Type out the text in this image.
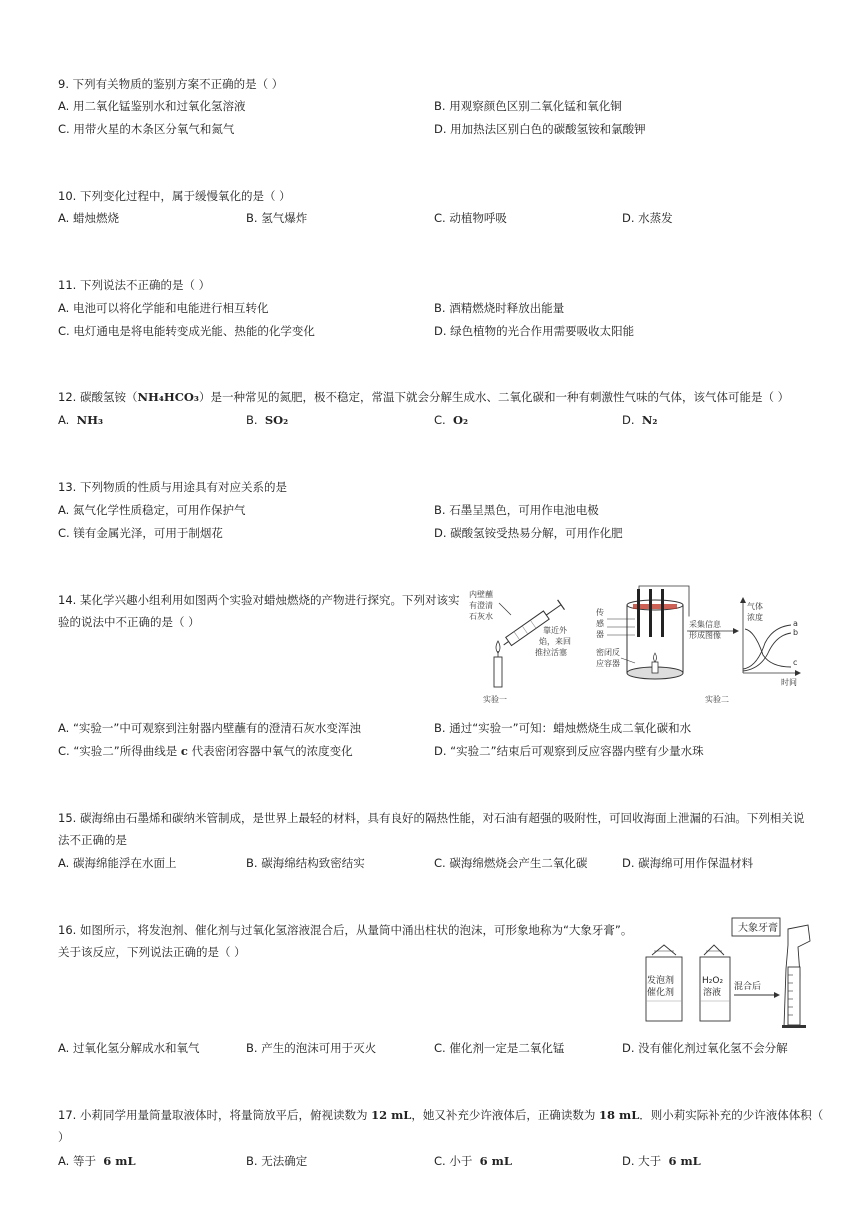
9. 下列有关物质的鉴别方案不正确的是（ ）
A. 用二氧化锰鉴别水和过氧化氢溶液	B. 用观察颜色区别二氧化锰和氧化铜
C. 用带火星的木条区分氧气和氮气	D. 用加热法区别白色的碳酸氢铵和氯酸钾
10. 下列变化过程中，属于缓慢氧化的是（ ）
A. 蜡烛燃烧	B. 氢气爆炸	C. 动植物呼吸	D. 水蒸发
11. 下列说法不正确的是（ ）
A. 电池可以将化学能和电能进行相互转化	B. 酒精燃烧时释放出能量
C. 电灯通电是将电能转变成光能、热能的化学变化	D. 绿色植物的光合作用需要吸收太阳能
12. 碳酸氢铵（NH₄HCO₃）是一种常见的氮肥，极不稳定，常温下就会分解生成水、二氧化碳和一种有刺激性气味的气体，该气体可能是（ ）
A. NH₃	B. SO₂	C. O₂	D. N₂
13. 下列物质的性质与用途具有对应关系的是
A. 氮气化学性质稳定，可用作保护气	B. 石墨呈黑色，可用作电池电极
C. 镁有金属光泽，可用于制烟花	D. 碳酸氢铵受热易分解，可用作化肥
14. 某化学兴趣小组利用如图两个实验对蜡烛燃烧的产物进行探究。下列对该实
验的说法中不正确的是（ ）
内壁蘸
有澄清
石灰水
靠近外
焰，来回
推拉活塞
实验一
传
感
器
密闭反
应容器
采集信息
形成图像
实验二
气体
浓度
a
b
c
时间
A. “实验一”中可观察到注射器内壁蘸有的澄清石灰水变浑浊	B. 通过“实验一”可知：蜡烛燃烧生成二氧化碳和水
C. “实验二”所得曲线是 c 代表密闭容器中氧气的浓度变化	D. “实验二”结束后可观察到反应容器内壁有少量水珠
15. 碳海绵由石墨烯和碳纳米管制成，是世界上最轻的材料，具有良好的隔热性能，对石油有超强的吸附性，可回收海面上泄漏的石油。下列相关说
法不正确的是
A. 碳海绵能浮在水面上	B. 碳海绵结构致密结实	C. 碳海绵燃烧会产生二氧化碳	D. 碳海绵可用作保温材料
16. 如图所示，将发泡剂、催化剂与过氧化氢溶液混合后，从量筒中涌出柱状的泡沫，可形象地称为“大象牙膏”。
关于该反应，下列说法正确的是（ ）
大象牙膏
发泡剂
催化剂
H₂O₂
溶液
混合后
A. 过氧化氢分解成水和氧气	B. 产生的泡沫可用于灭火	C. 催化剂一定是二氧化锰	D. 没有催化剂过氧化氢不会分解
17. 小莉同学用量筒量取液体时，将量筒放平后，俯视读数为 12 mL，她又补充少许液体后，正确读数为 18 mL．则小莉实际补充的少许液体体积（
）
A. 等于 6 mL	B. 无法确定	C. 小于 6 mL	D. 大于 6 mL
